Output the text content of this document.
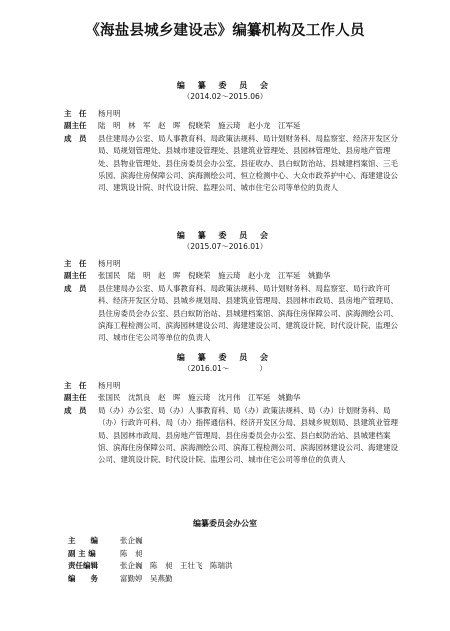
《海盐县城乡建设志》编纂机构及工作人员
编 纂 委 员 会
（2014.02～2015.06）
主　任	杨月明
副主任	陆　明　林　军　赵　晖　倪晓荣　施云琦　赵小龙　江军延
成　员	县住建局办公室、局人事教育科、局政策法规科、局计划财务科、局监察室、经济开发区分局、局规划管理处、县城市建设管理处、县建筑业管理处、县园林管理处、县房地产管理处、县物业管理处、县住房委员会办公室、县征收办、县白蚁防治站、县城建档案馆、三毛乐园、滨海住房保障公司、滨海测绘公司、恒立检测中心、大众市政养护中心、海建建设公司、建筑设计院、时代设计院、监理公司、城市住宅公司等单位的负责人
编 纂 委 员 会
（2015.07～2016.01）
主　任	杨月明
副主任	张国民　陆　明　赵　晖　倪晓荣　施云琦　赵小龙　江军延　姚勤华
成　员	县住建局办公室、局人事教育科、局政策法规科、局计划财务科、局监察室、局行政许可科、经济开发区分局、县城乡规划局、县建筑业管理局、县园林市政局、县房地产管理局、县住房委员会办公室、县白蚁防治站、县城建档案馆、滨海住房保障公司、滨海测绘公司、滨海工程检测公司、滨海园林建设公司、海建建设公司、建筑设计院、时代设计院、监理公司、城市住宅公司等单位的负责人
编 纂 委 员 会
（2016.01～　　　　）
主　任	杨月明
副主任	张国民　沈凯良　赵　晖　施云琦　沈月伟　江军延　姚勤华
成　员	局（办）办公室、局（办）人事教育科、局（办）政策法规科、局（办）计划财务科、局（办）行政许可科、局（办）指挥通信科、经济开发区分局、县城乡规划局、县建筑业管理局、县园林市政局、县房地产管理局、县住房委员会办公室、县白蚁防治站、县城建档案馆、滨海住房保障公司、滨海测绘公司、滨海工程检测公司、滨海园林建设公司、海建建设公司、建筑设计院、时代设计院、监理公司、城市住宅公司等单位的负责人
编纂委员会办公室
主　　编	张企巍
副 主 编	陈　昶
责任编辑	张企巍　陈　昶　王壮飞　陈瑞洪
编　　务	富勤婷　吴燕勤
